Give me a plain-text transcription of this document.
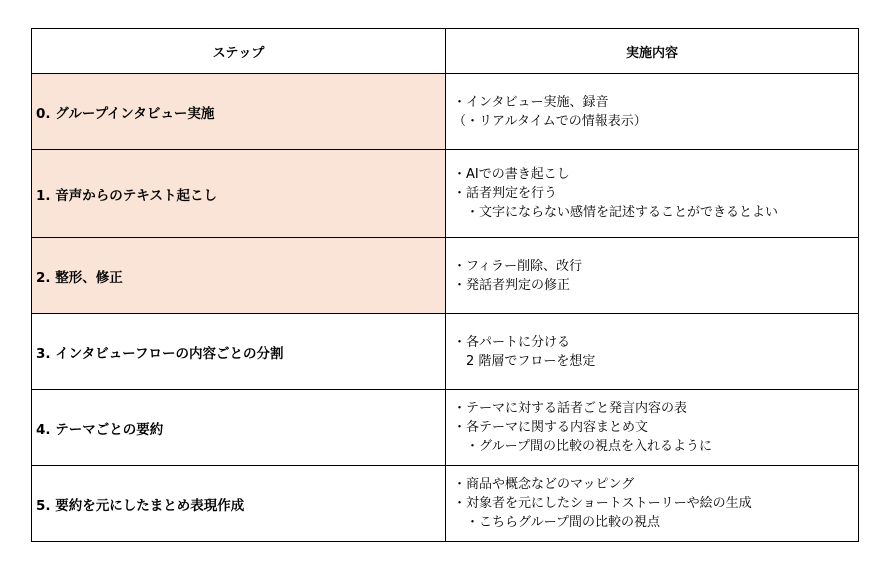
ステップ	実施内容
0. グループインタビュー実施	・インタビュー実施、録音
（・リアルタイムでの情報表示）

1. 音声からのテキスト起こし	・AIでの書き起こし
・話者判定を行う
　・文字にならない感情を記述することができるとよい

2. 整形、修正	・フィラー削除、改行
・発話者判定の修正

3. インタビューフローの内容ごとの分割	・各パートに分ける
　2 階層でフローを想定

4. テーマごとの要約	・テーマに対する話者ごと発言内容の表
・各テーマに関する内容まとめ文
　・グループ間の比較の視点を入れるように

5. 要約を元にしたまとめ表現作成	・商品や概念などのマッピング
・対象者を元にしたショートストーリーや絵の生成
　・こちらグループ間の比較の視点
